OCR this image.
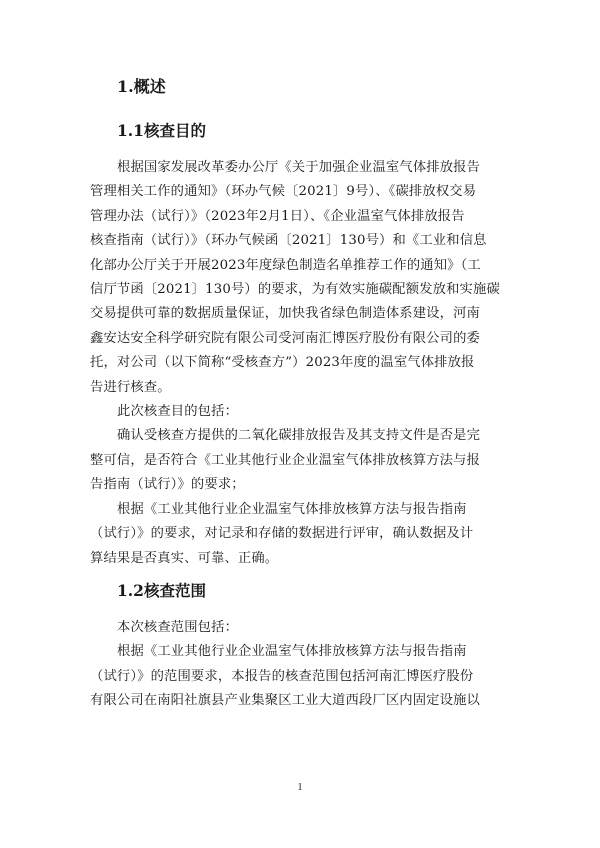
1.概述
1.1核查目的
根据国家发展改革委办公厅《关于加强企业温室气体排放报告
管理相关工作的通知》（环办气候〔2021〕9号）、《碳排放权交易
管理办法（试行）》（2023年2月1日）、《企业温室气体排放报告
核查指南（试行）》（环办气候函〔2021〕130号）和《工业和信息
化部办公厅关于开展2023年度绿色制造名单推荐工作的通知》（工
信厅节函〔2021〕130号）的要求，为有效实施碳配额发放和实施碳
交易提供可靠的数据质量保证，加快我省绿色制造体系建设，河南
鑫安达安全科学研究院有限公司受河南汇博医疗股份有限公司的委
托，对公司（以下简称“受核查方”）2023年度的温室气体排放报
告进行核查。
此次核查目的包括：
确认受核查方提供的二氧化碳排放报告及其支持文件是否是完
整可信，是否符合《工业其他行业企业温室气体排放核算方法与报
告指南（试行）》的要求；
根据《工业其他行业企业温室气体排放核算方法与报告指南
（试行）》的要求，对记录和存储的数据进行评审，确认数据及计
算结果是否真实、可靠、正确。
1.2核查范围
本次核查范围包括：
根据《工业其他行业企业温室气体排放核算方法与报告指南
（试行）》的范围要求，本报告的核查范围包括河南汇博医疗股份
有限公司在南阳社旗县产业集聚区工业大道西段厂区内固定设施以
1
